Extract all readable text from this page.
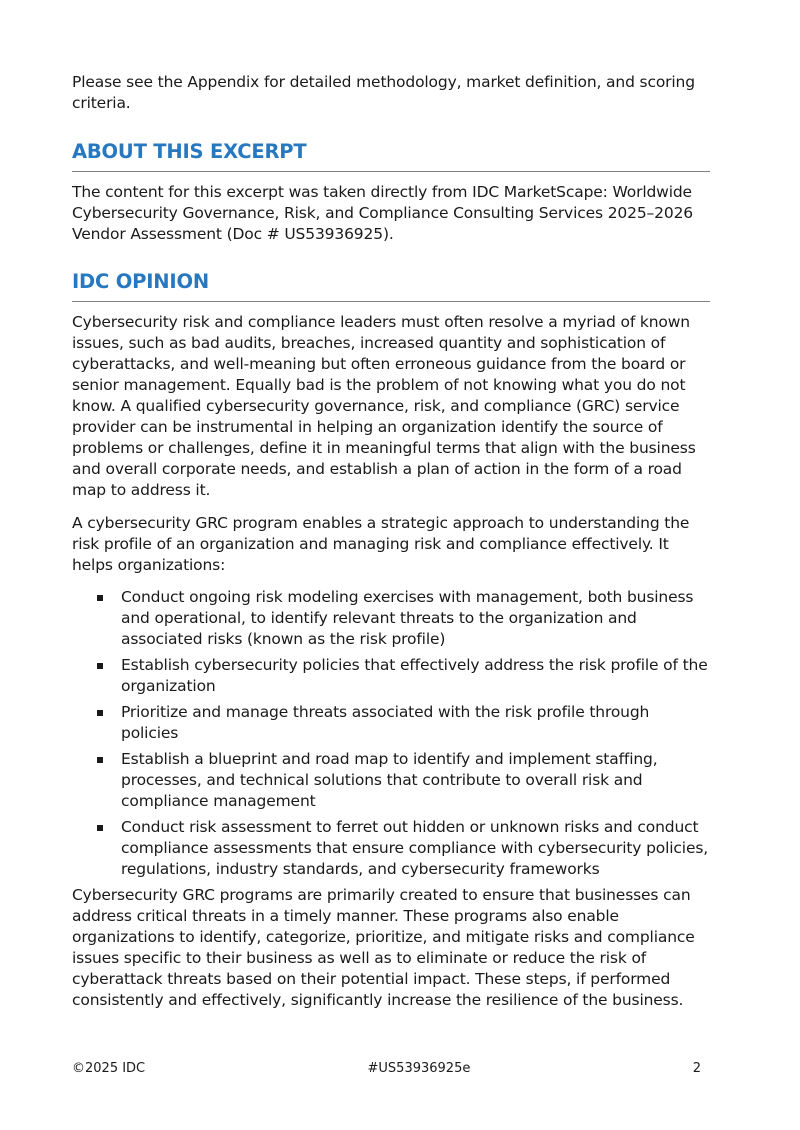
Please see the Appendix for detailed methodology, market definition, and scoring criteria.

ABOUT THIS EXCERPT

The content for this excerpt was taken directly from IDC MarketScape: Worldwide Cybersecurity Governance, Risk, and Compliance Consulting Services 2025–2026 Vendor Assessment (Doc # US53936925).

IDC OPINION

Cybersecurity risk and compliance leaders must often resolve a myriad of known issues, such as bad audits, breaches, increased quantity and sophistication of cyberattacks, and well-meaning but often erroneous guidance from the board or senior management. Equally bad is the problem of not knowing what you do not know. A qualified cybersecurity governance, risk, and compliance (GRC) service provider can be instrumental in helping an organization identify the source of problems or challenges, define it in meaningful terms that align with the business and overall corporate needs, and establish a plan of action in the form of a road map to address it.

A cybersecurity GRC program enables a strategic approach to understanding the risk profile of an organization and managing risk and compliance effectively. It helps organizations:

Conduct ongoing risk modeling exercises with management, both business and operational, to identify relevant threats to the organization and associated risks (known as the risk profile)
Establish cybersecurity policies that effectively address the risk profile of the organization
Prioritize and manage threats associated with the risk profile through policies
Establish a blueprint and road map to identify and implement staffing, processes, and technical solutions that contribute to overall risk and compliance management
Conduct risk assessment to ferret out hidden or unknown risks and conduct compliance assessments that ensure compliance with cybersecurity policies, regulations, industry standards, and cybersecurity frameworks

Cybersecurity GRC programs are primarily created to ensure that businesses can address critical threats in a timely manner. These programs also enable organizations to identify, categorize, prioritize, and mitigate risks and compliance issues specific to their business as well as to eliminate or reduce the risk of cyberattack threats based on their potential impact. These steps, if performed consistently and effectively, significantly increase the resilience of the business.

©2025 IDC	#US53936925e	2
